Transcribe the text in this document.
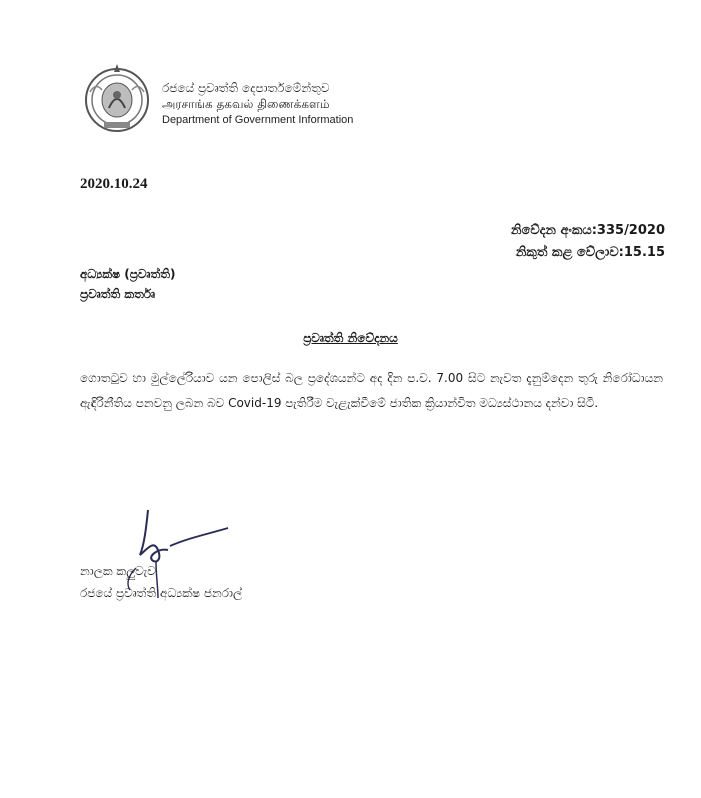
රජයේ ප්‍රවෘත්ති දෙපාර්තමේන්තුව
அரசாங்க தகவல் திணைக்களம்
Department of Government Information
2020.10.24
නිවේදන අංකය:335/2020
නිකුත් කළ වේලාව:15.15
අධ්‍යක්ෂ (ප්‍රවෘත්ති)
ප්‍රවෘත්ති කර්තෘ
ප්‍රවෘත්ති නිවේදනය
ගොතටුව හා මුල්ලේරියාව යන පොලිස් බල ප්‍රදේශයන්ට අද දින ප.ව. 7.00 සිට නැවත දැනුම්දෙන තුරු නිරෝධායන ඇඳිරිනීතිය පනවනු ලබන බව Covid-19 පැතිරීම වැළැක්වීමේ ජාතික ක්‍රියාන්විත මධ්‍යස්ථානය දන්වා සිටී.
නාලක කලුවැව
රජයේ ප්‍රවෘත්ති අධ්‍යක්ෂ ජනරාල්
